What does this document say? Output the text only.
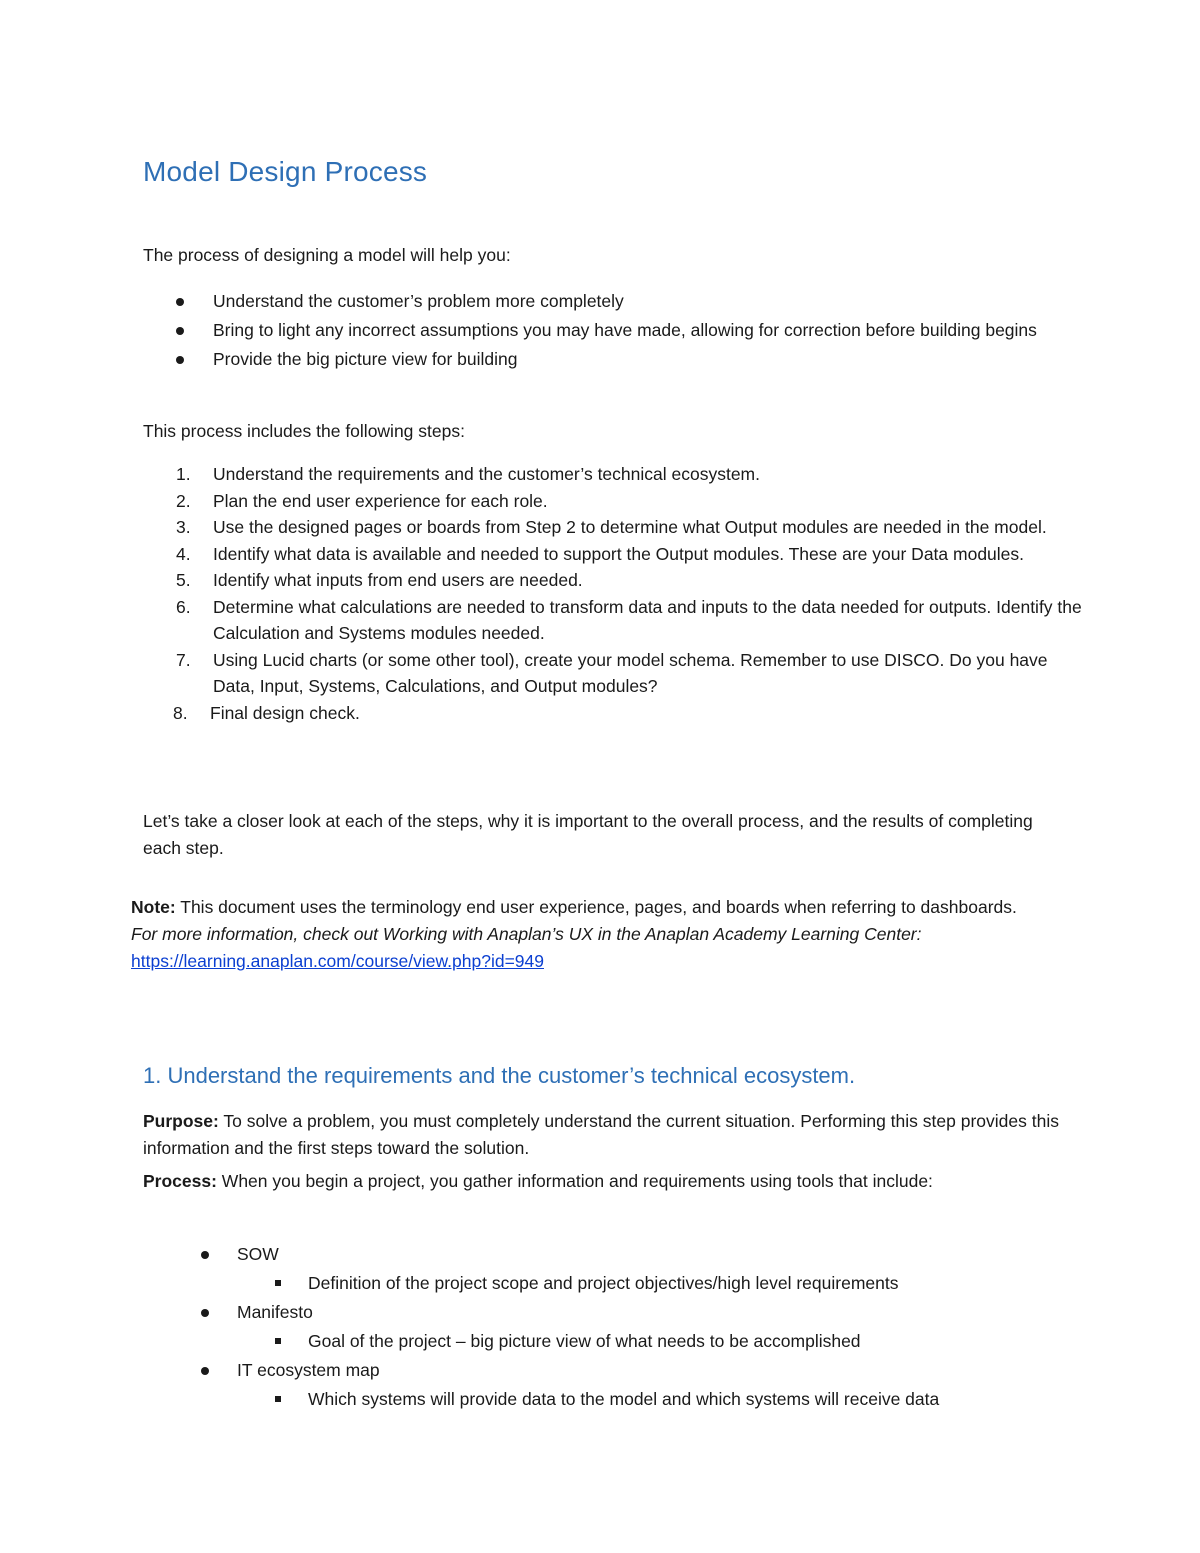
Model Design Process

The process of designing a model will help you:

Understand the customer’s problem more completely
Bring to light any incorrect assumptions you may have made, allowing for correction before building begins
Provide the big picture view for building

This process includes the following steps:

1. Understand the requirements and the customer’s technical ecosystem.
2. Plan the end user experience for each role.
3. Use the designed pages or boards from Step 2 to determine what Output modules are needed in the model.
4. Identify what data is available and needed to support the Output modules. These are your Data modules.
5. Identify what inputs from end users are needed.
6. Determine what calculations are needed to transform data and inputs to the data needed for outputs. Identify the Calculation and Systems modules needed.
7. Using Lucid charts (or some other tool), create your model schema. Remember to use DISCO. Do you have Data, Input, Systems, Calculations, and Output modules?
8. Final design check.

Let’s take a closer look at each of the steps, why it is important to the overall process, and the results of completing each step.

Note: This document uses the terminology end user experience, pages, and boards when referring to dashboards.
For more information, check out Working with Anaplan’s UX in the Anaplan Academy Learning Center:
https://learning.anaplan.com/course/view.php?id=949
1. Understand the requirements and the customer’s technical ecosystem.

Purpose: To solve a problem, you must completely understand the current situation. Performing this step provides this information and the first steps toward the solution.

Process: When you begin a project, you gather information and requirements using tools that include:

SOW
Definition of the project scope and project objectives/high level requirements
Manifesto
Goal of the project – big picture view of what needs to be accomplished
IT ecosystem map
Which systems will provide data to the model and which systems will receive data
